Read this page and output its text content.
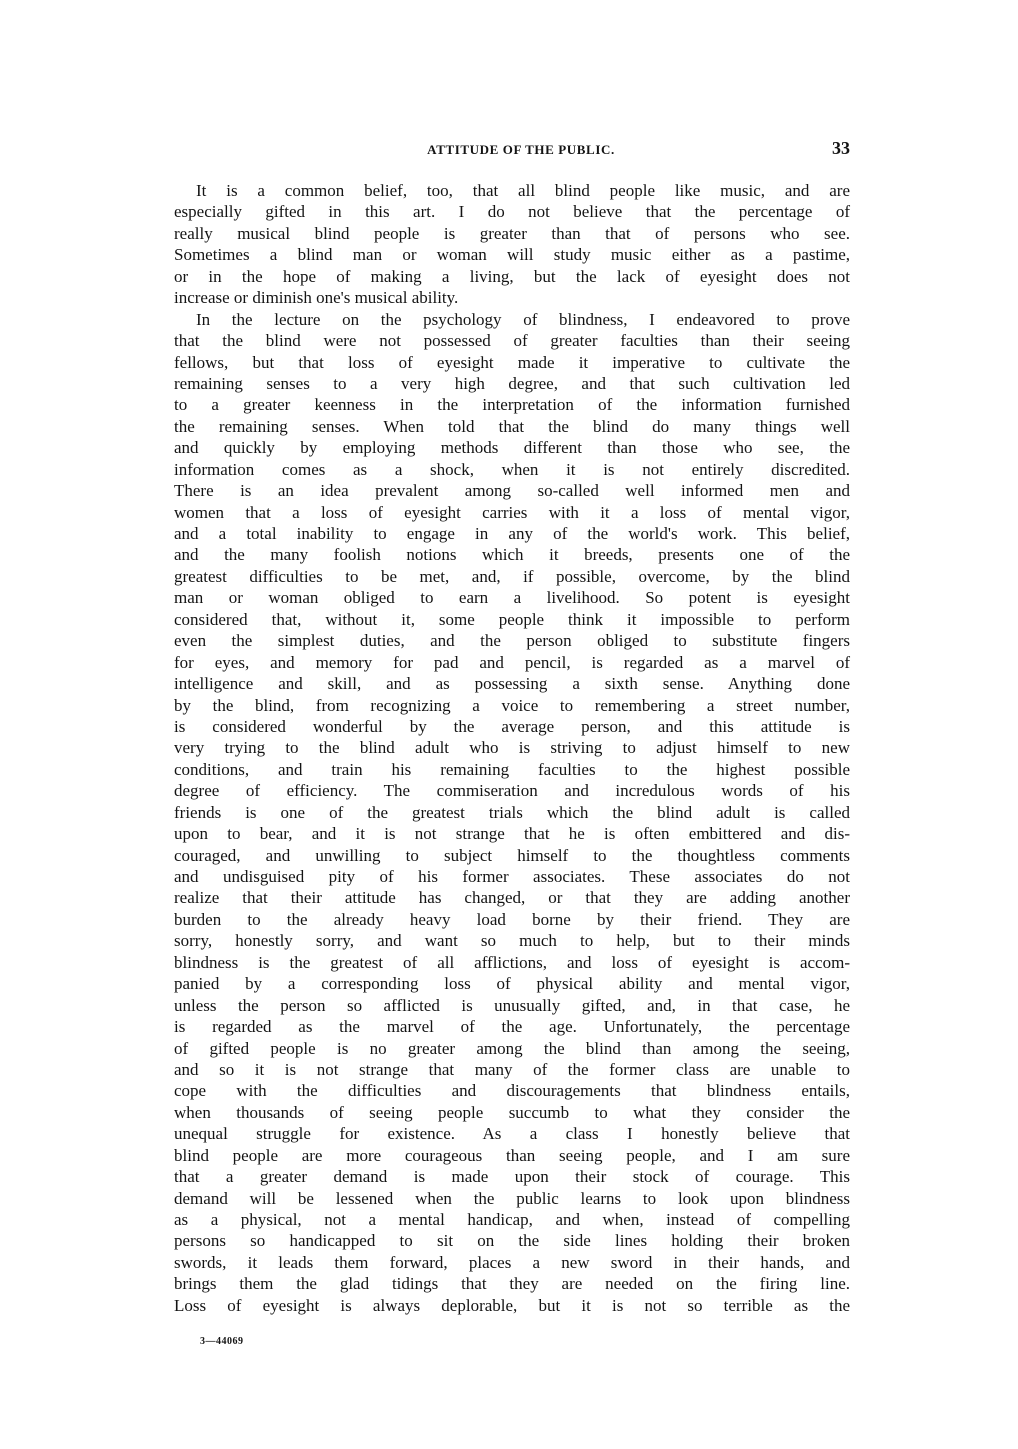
ATTITUDE OF THE PUBLIC.	33
It is a common belief, too, that all blind people like music, and are
especially gifted in this art. I do not believe that the percentage of
really musical blind people is greater than that of persons who see.
Sometimes a blind man or woman will study music either as a pastime,
or in the hope of making a living, but the lack of eyesight does not
increase or diminish one's musical ability.
In the lecture on the psychology of blindness, I endeavored to prove
that the blind were not possessed of greater faculties than their seeing
fellows, but that loss of eyesight made it imperative to cultivate the
remaining senses to a very high degree, and that such cultivation led
to a greater keenness in the interpretation of the information furnished
the remaining senses. When told that the blind do many things well
and quickly by employing methods different than those who see, the
information comes as a shock, when it is not entirely discredited.
There is an idea prevalent among so-called well informed men and
women that a loss of eyesight carries with it a loss of mental vigor,
and a total inability to engage in any of the world's work. This belief,
and the many foolish notions which it breeds, presents one of the
greatest difficulties to be met, and, if possible, overcome, by the blind
man or woman obliged to earn a livelihood. So potent is eyesight
considered that, without it, some people think it impossible to perform
even the simplest duties, and the person obliged to substitute fingers
for eyes, and memory for pad and pencil, is regarded as a marvel of
intelligence and skill, and as possessing a sixth sense. Anything done
by the blind, from recognizing a voice to remembering a street number,
is considered wonderful by the average person, and this attitude is
very trying to the blind adult who is striving to adjust himself to new
conditions, and train his remaining faculties to the highest possible
degree of efficiency. The commiseration and incredulous words of his
friends is one of the greatest trials which the blind adult is called
upon to bear, and it is not strange that he is often embittered and dis-
couraged, and unwilling to subject himself to the thoughtless comments
and undisguised pity of his former associates. These associates do not
realize that their attitude has changed, or that they are adding another
burden to the already heavy load borne by their friend. They are
sorry, honestly sorry, and want so much to help, but to their minds
blindness is the greatest of all afflictions, and loss of eyesight is accom-
panied by a corresponding loss of physical ability and mental vigor,
unless the person so afflicted is unusually gifted, and, in that case, he
is regarded as the marvel of the age. Unfortunately, the percentage
of gifted people is no greater among the blind than among the seeing,
and so it is not strange that many of the former class are unable to
cope with the difficulties and discouragements that blindness entails,
when thousands of seeing people succumb to what they consider the
unequal struggle for existence. As a class I honestly believe that
blind people are more courageous than seeing people, and I am sure
that a greater demand is made upon their stock of courage. This
demand will be lessened when the public learns to look upon blindness
as a physical, not a mental handicap, and when, instead of compelling
persons so handicapped to sit on the side lines holding their broken
swords, it leads them forward, places a new sword in their hands, and
brings them the glad tidings that they are needed on the firing line.
Loss of eyesight is always deplorable, but it is not so terrible as the
3—44069
